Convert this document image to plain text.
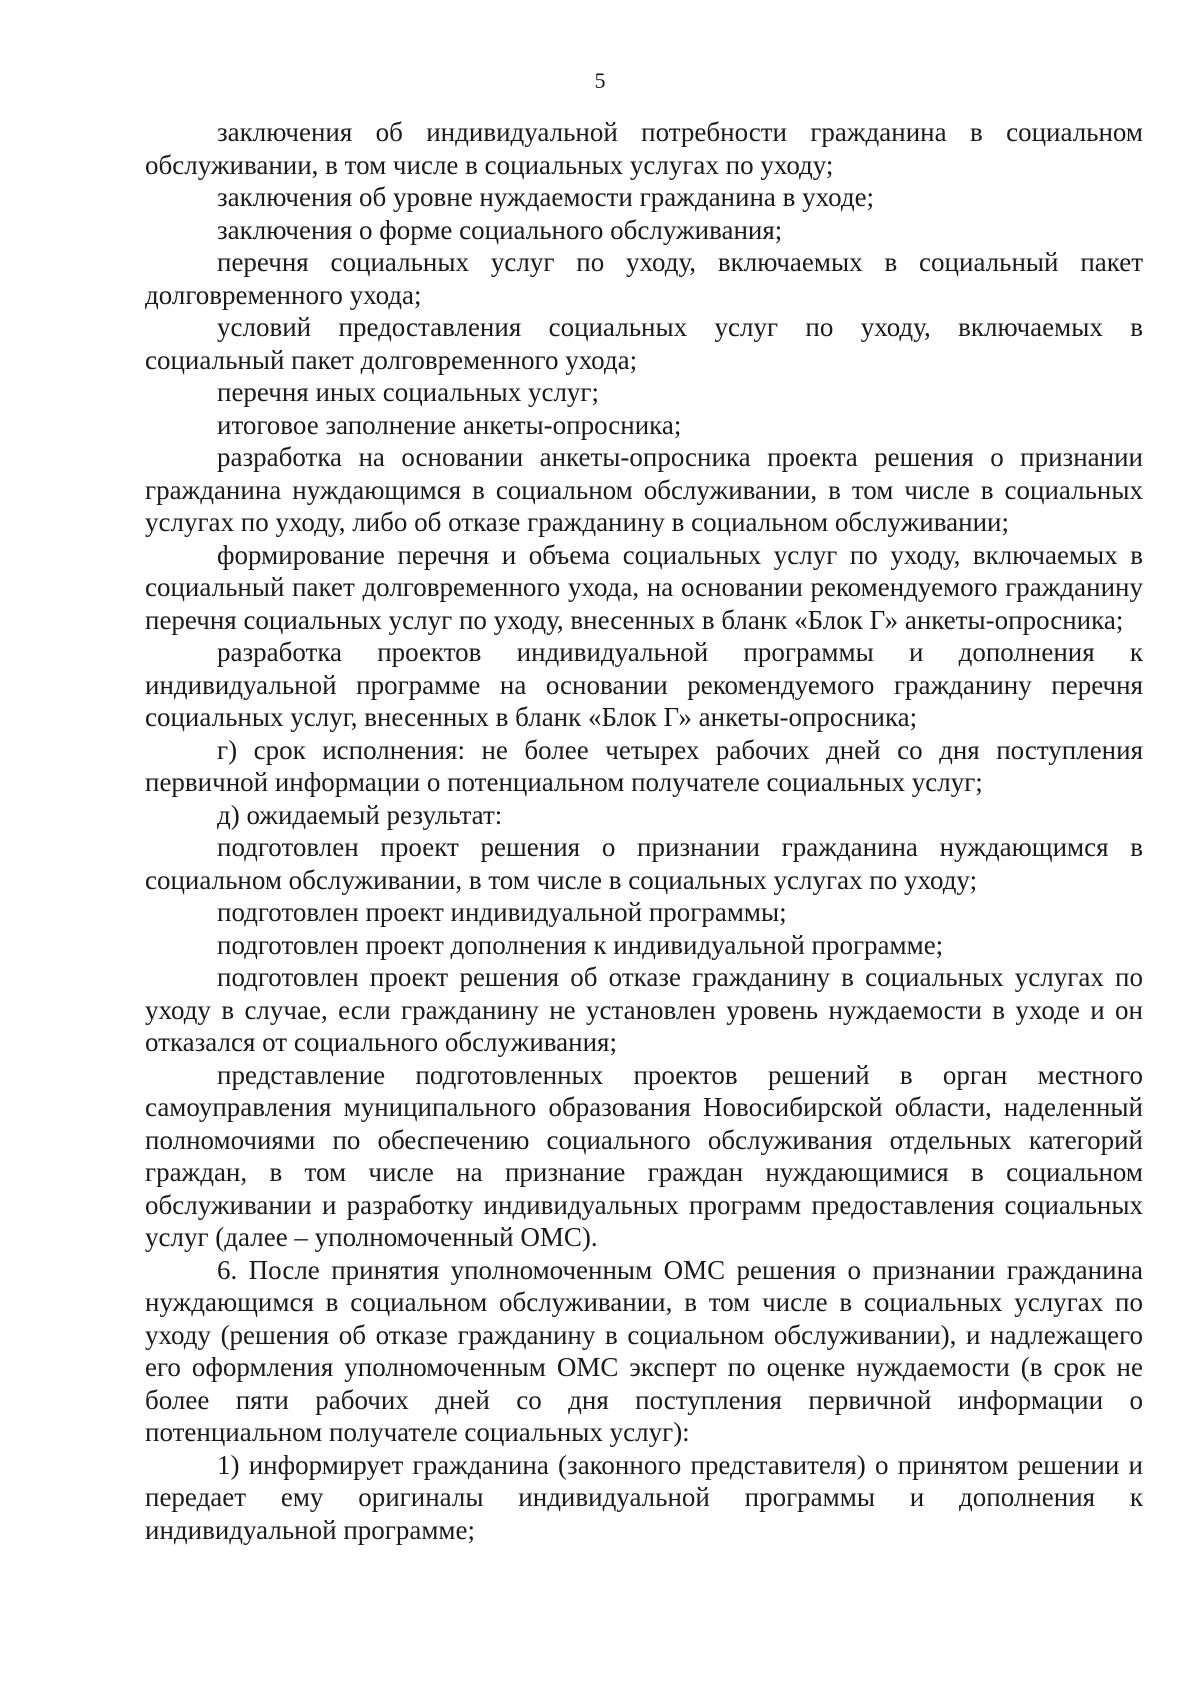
5

заключения об индивидуальной потребности гражданина в социальном обслуживании, в том числе в социальных услугах по уходу;

заключения об уровне нуждаемости гражданина в уходе;

заключения о форме социального обслуживания;

перечня социальных услуг по уходу, включаемых в социальный пакет долговременного ухода;

условий предоставления социальных услуг по уходу, включаемых в социальный пакет долговременного ухода;

перечня иных социальных услуг;

итоговое заполнение анкеты-опросника;

разработка на основании анкеты-опросника проекта решения о признании гражданина нуждающимся в социальном обслуживании, в том числе в социальных услугах по уходу, либо об отказе гражданину в социальном обслуживании;

формирование перечня и объема социальных услуг по уходу, включаемых в социальный пакет долговременного ухода, на основании рекомендуемого гражданину перечня социальных услуг по уходу, внесенных в бланк «Блок Г» анкеты-опросника;

разработка проектов индивидуальной программы и дополнения к индивидуальной программе на основании рекомендуемого гражданину перечня социальных услуг, внесенных в бланк «Блок Г» анкеты-опросника;

г) срок исполнения: не более четырех рабочих дней со дня поступления первичной информации о потенциальном получателе социальных услуг;

д) ожидаемый результат:

подготовлен проект решения о признании гражданина нуждающимся в социальном обслуживании, в том числе в социальных услугах по уходу;

подготовлен проект индивидуальной программы;

подготовлен проект дополнения к индивидуальной программе;

подготовлен проект решения об отказе гражданину в социальных услугах по уходу в случае, если гражданину не установлен уровень нуждаемости в уходе и он отказался от социального обслуживания;

представление подготовленных проектов решений в орган местного самоуправления муниципального образования Новосибирской области, наделенный полномочиями по обеспечению социального обслуживания отдельных категорий граждан, в том числе на признание граждан нуждающимися в социальном обслуживании и разработку индивидуальных программ предоставления социальных услуг (далее – уполномоченный ОМС).

6. После принятия уполномоченным ОМС решения о признании гражданина нуждающимся в социальном обслуживании, в том числе в социальных услугах по уходу (решения об отказе гражданину в социальном обслуживании), и надлежащего его оформления уполномоченным ОМС эксперт по оценке нуждаемости (в срок не более пяти рабочих дней со дня поступления первичной информации о потенциальном получателе социальных услуг):

1) информирует гражданина (законного представителя) о принятом решении и передает ему оригиналы индивидуальной программы и дополнения к индивидуальной программе;
